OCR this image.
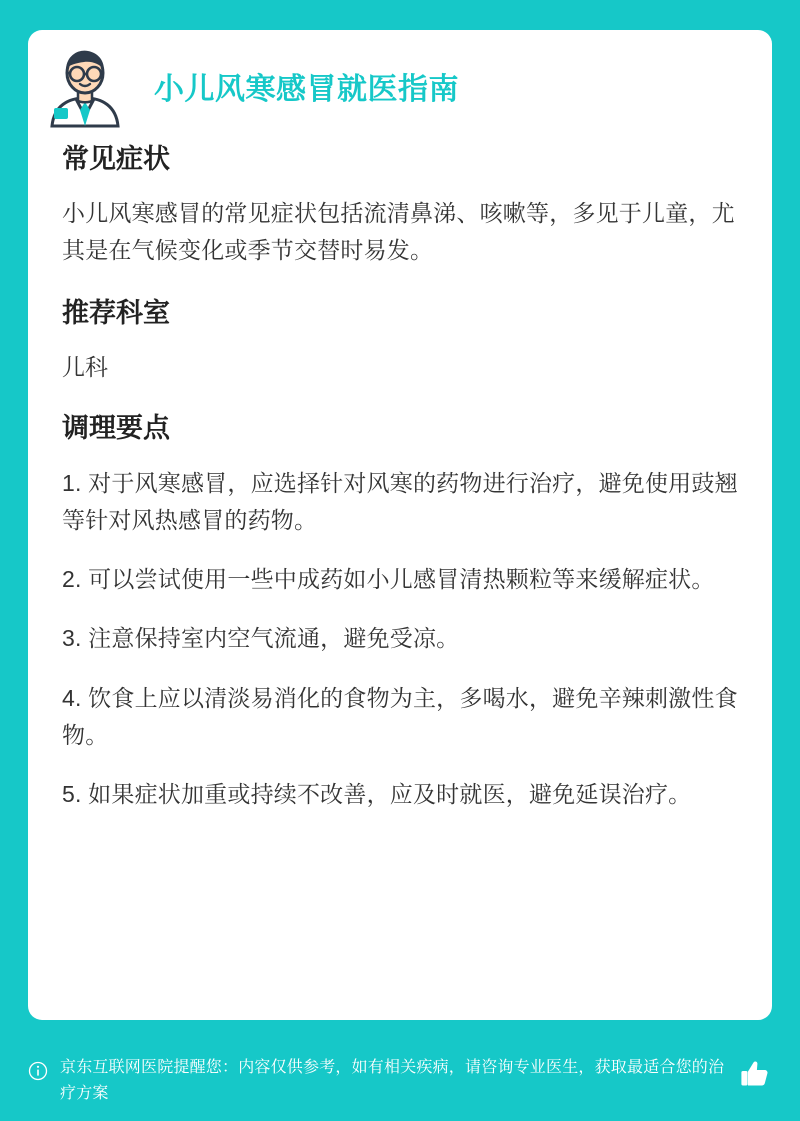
小儿风寒感冒就医指南
常见症状

小儿风寒感冒的常见症状包括流清鼻涕、咳嗽等，多见于儿童，尤其是在气候变化或季节交替时易发。

推荐科室

儿科

调理要点
1. 对于风寒感冒，应选择针对风寒的药物进行治疗，避免使用豉翘等针对风热感冒的药物。
2. 可以尝试使用一些中成药如小儿感冒清热颗粒等来缓解症状。
3. 注意保持室内空气流通，避免受凉。
4. 饮食上应以清淡易消化的食物为主，多喝水，避免辛辣刺激性食物。
5. 如果症状加重或持续不改善，应及时就医，避免延误治疗。
京东互联网医院提醒您：内容仅供参考，如有相关疾病，请咨询专业医生，获取最适合您的治疗方案
